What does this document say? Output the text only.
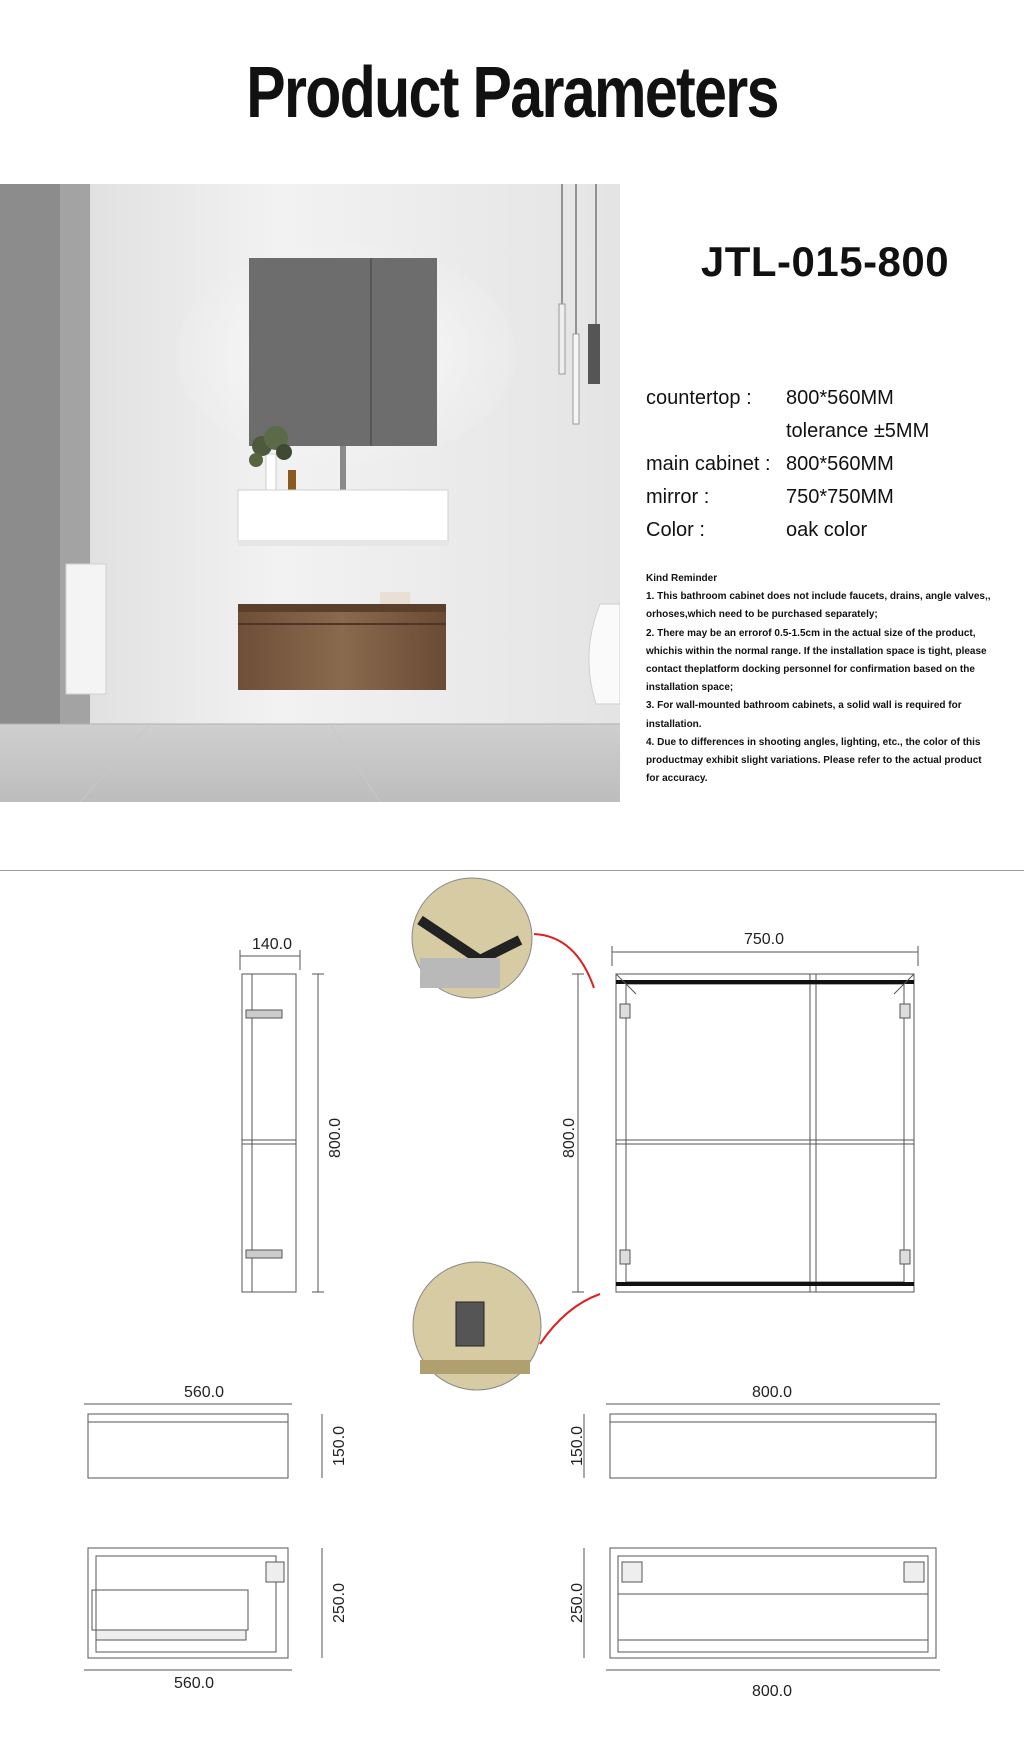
Product Parameters
JTL-015-800
countertop : 800*560MM
tolerance ±5MM
main cabinet : 800*560MM
mirror :	750*750MM
Color :	oak color
Kind Reminder
1. This bathroom cabinet does not include faucets, drains, angle valves,,
orhoses,which need to be purchased separately;
2. There may be an errorof 0.5-1.5cm in the actual size of the product,
whichis within the normal range. If the installation space is tight, please
contact theplatform docking personnel for confirmation based on the
installation space;
3. For wall-mounted bathroom cabinets, a solid wall is required for
installation.
4. Due to differences in shooting angles, lighting, etc., the color of this
productmay exhibit slight variations. Please refer to the actual product
for accuracy.
140.0
800.0
750.0
800.0
560.0
150.0
800.0
150.0
250.0
560.0
250.0
800.0
